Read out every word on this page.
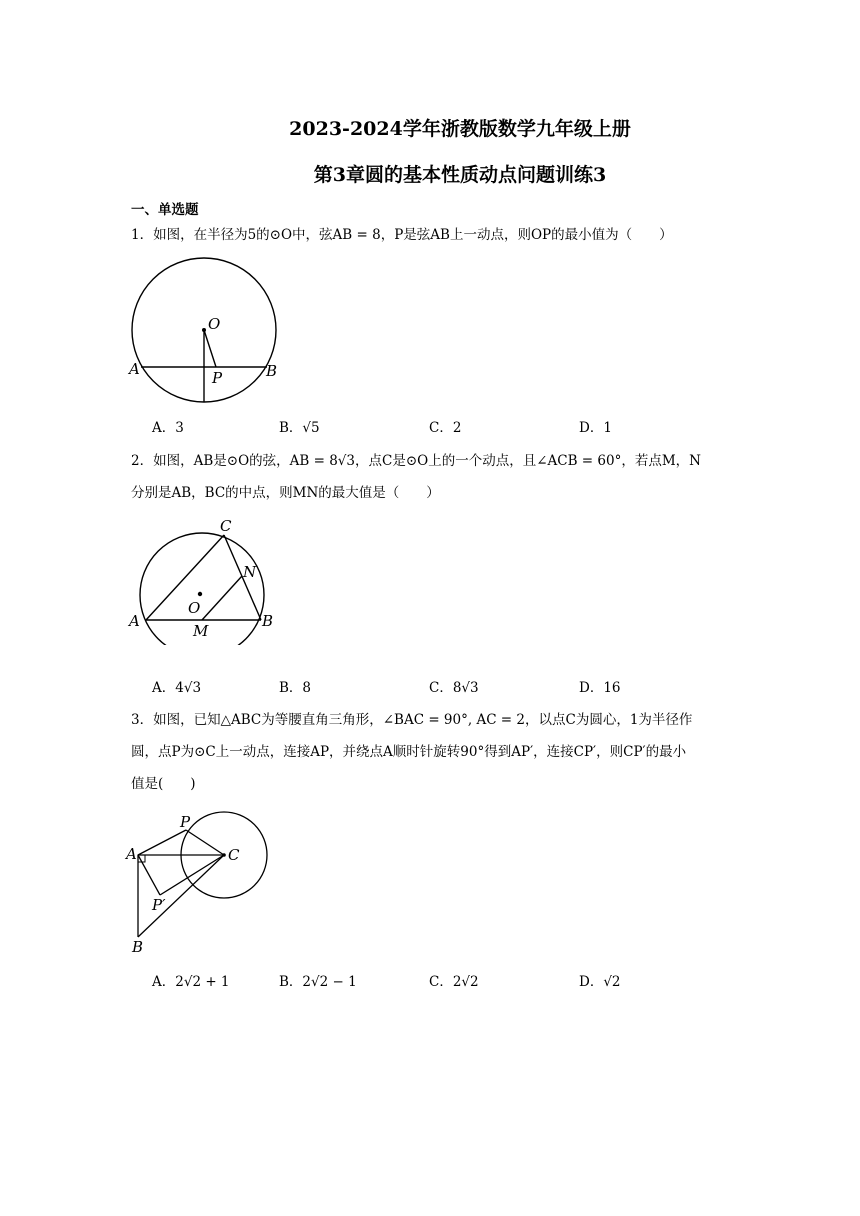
2023-2024学年浙教版数学九年级上册
第3章圆的基本性质动点问题训练3
一、单选题
1．如图，在半径为5的⊙O中，弦AB = 8，P是弦AB上一动点，则OP的最小值为（　　）
O
A	B
P
A．3	B．√5	C．2	D．1
2．如图，AB是⊙O的弦，AB = 8√3，点C是⊙O上的一个动点，且∠ACB = 60°，若点M，N
分别是AB，BC的中点，则MN的最大值是（　　）
C
N
O
A
M
B
A．4√3	B．8	C．8√3	D．16
3．如图，已知△ABC为等腰直角三角形，∠BAC = 90°, AC = 2，以点C为圆心，1为半径作
圆，点P为⊙C上一动点，连接AP，并绕点A顺时针旋转90°得到AP′，连接CP′，则CP′的最小
值是(　　)
P
A	C
P′
B
A．2√2 + 1	B．2√2 − 1	C．2√2	D．√2
